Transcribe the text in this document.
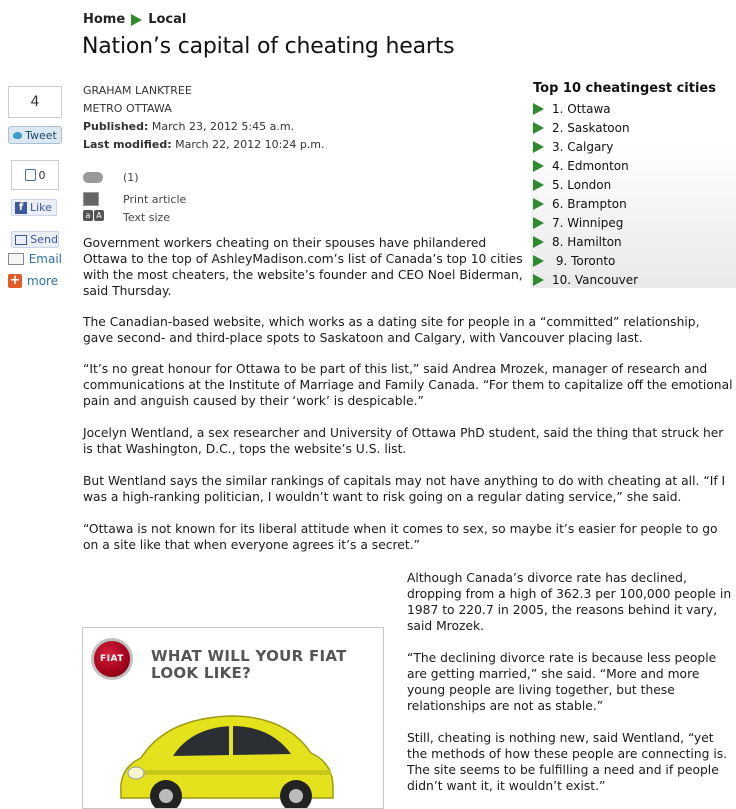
Home Local
Nation’s capital of cheating hearts
GRAHAM LANKTREE
METRO OTTAWA
Published: March 23, 2012 5:45 a.m.
Last modified: March 22, 2012 10:24 p.m.
(1)
Print article
a A Text size
Top 10 cheatingest cities
1. Ottawa
2. Saskatoon
3. Calgary
4. Edmonton
5. London
6. Brampton
7. Winnipeg
8. Hamilton
9. Toronto
10. Vancouver
4
Tweet
0
f Like
Send
Email
+ more

Government workers cheating on their spouses have philandered Ottawa to the top of AshleyMadison.com’s list of Canada’s top 10 cities with the most cheaters, the website’s founder and CEO Noel Biderman, said Thursday.

The Canadian-based website, which works as a dating site for people in a “committed” relationship, gave second- and third-place spots to Saskatoon and Calgary, with Vancouver placing last.

“It’s no great honour for Ottawa to be part of this list,” said Andrea Mrozek, manager of research and communications at the Institute of Marriage and Family Canada. “For them to capitalize off the emotional pain and anguish caused by their ‘work’ is despicable.”

Jocelyn Wentland, a sex researcher and University of Ottawa PhD student, said the thing that struck her is that Washington, D.C., tops the website’s U.S. list.

But Wentland says the similar rankings of capitals may not have anything to do with cheating at all. “If I was a high-ranking politician, I wouldn’t want to risk going on a regular dating service,” she said.

“Ottawa is not known for its liberal attitude when it comes to sex, so maybe it’s easier for people to go on a site like that when everyone agrees it’s a secret.”

Although Canada’s divorce rate has declined, dropping from a high of 362.3 per 100,000 people in 1987 to 220.7 in 2005, the reasons behind it vary, said Mrozek.

“The declining divorce rate is because less people are getting married,” she said. “More and more young people are living together, but these relationships are not as stable.”

Still, cheating is nothing new, said Wentland, “yet the methods of how these people are connecting is. The site seems to be fulfilling a need and if people didn’t want it, it wouldn’t exist.”

FIAT	WHAT WILL YOUR FIAT
LOOK LIKE?
